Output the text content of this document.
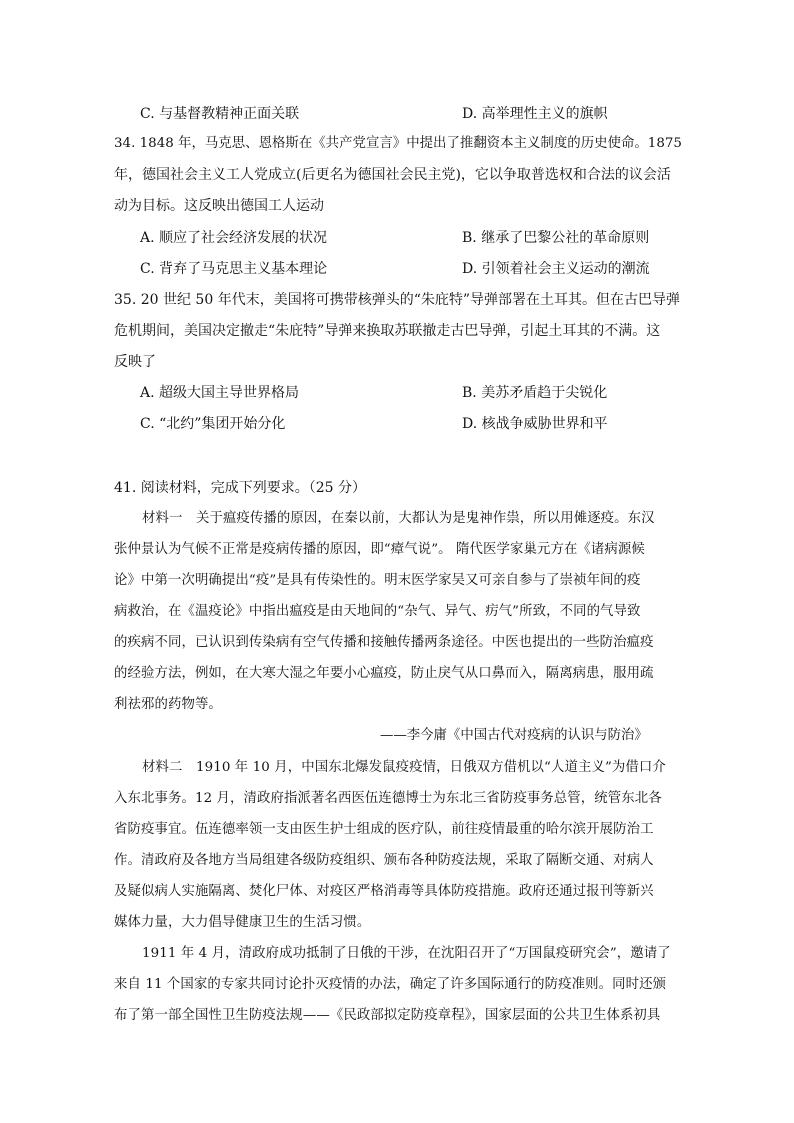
C. 与基督教精神正面关联	D. 高举理性主义的旗帜
34. 1848 年，马克思、恩格斯在《共产党宣言》中提出了推翻资本主义制度的历史使命。1875
年，德国社会主义工人党成立(后更名为德国社会民主党)，它以争取普选权和合法的议会活
动为目标。这反映出德国工人运动
A. 顺应了社会经济发展的状况	B. 继承了巴黎公社的革命原则
C. 背弃了马克思主义基本理论	D. 引领着社会主义运动的潮流
35. 20 世纪 50 年代末，美国将可携带核弹头的“朱庇特”导弹部署在土耳其。但在古巴导弹
危机期间，美国决定撤走“朱庇特”导弹来换取苏联撤走古巴导弹，引起土耳其的不满。这
反映了
A. 超级大国主导世界格局	B. 美苏矛盾趋于尖锐化
C. “北约”集团开始分化	D. 核战争威胁世界和平
41. 阅读材料，完成下列要求。（25 分）
材料一　关于瘟疫传播的原因，在秦以前，大都认为是鬼神作祟，所以用傩逐疫。东汉
张仲景认为气候不正常是疫病传播的原因，即“瘴气说”。 隋代医学家巢元方在《诸病源候
论》中第一次明确提出“疫”是具有传染性的。明末医学家吴又可亲自参与了崇祯年间的疫
病救治，在《温疫论》中指出瘟疫是由天地间的“杂气、异气、疠气”所致，不同的气导致
的疾病不同，已认识到传染病有空气传播和接触传播两条途径。中医也提出的一些防治瘟疫
的经验方法，例如，在大寒大湿之年要小心瘟疫，防止戾气从口鼻而入，隔离病患，服用疏
利祛邪的药物等。
——李今庸《中国古代对疫病的认识与防治》
材料二　1910 年 10 月，中国东北爆发鼠疫疫情，日俄双方借机以“人道主义”为借口介
入东北事务。12 月，清政府指派著名西医伍连德博士为东北三省防疫事务总管，统管东北各
省防疫事宜。伍连德率领一支由医生护士组成的医疗队，前往疫情最重的哈尔滨开展防治工
作。清政府及各地方当局组建各级防疫组织、颁布各种防疫法规，采取了隔断交通、对病人
及疑似病人实施隔离、焚化尸体、对疫区严格消毒等具体防疫措施。政府还通过报刊等新兴
媒体力量，大力倡导健康卫生的生活习惯。
1911 年 4 月，清政府成功抵制了日俄的干涉，在沈阳召开了“万国鼠疫研究会”，邀请了
来自 11 个国家的专家共同讨论扑灭疫情的办法，确定了许多国际通行的防疫准则。同时还颁
布了第一部全国性卫生防疫法规——《民政部拟定防疫章程》，国家层面的公共卫生体系初具
